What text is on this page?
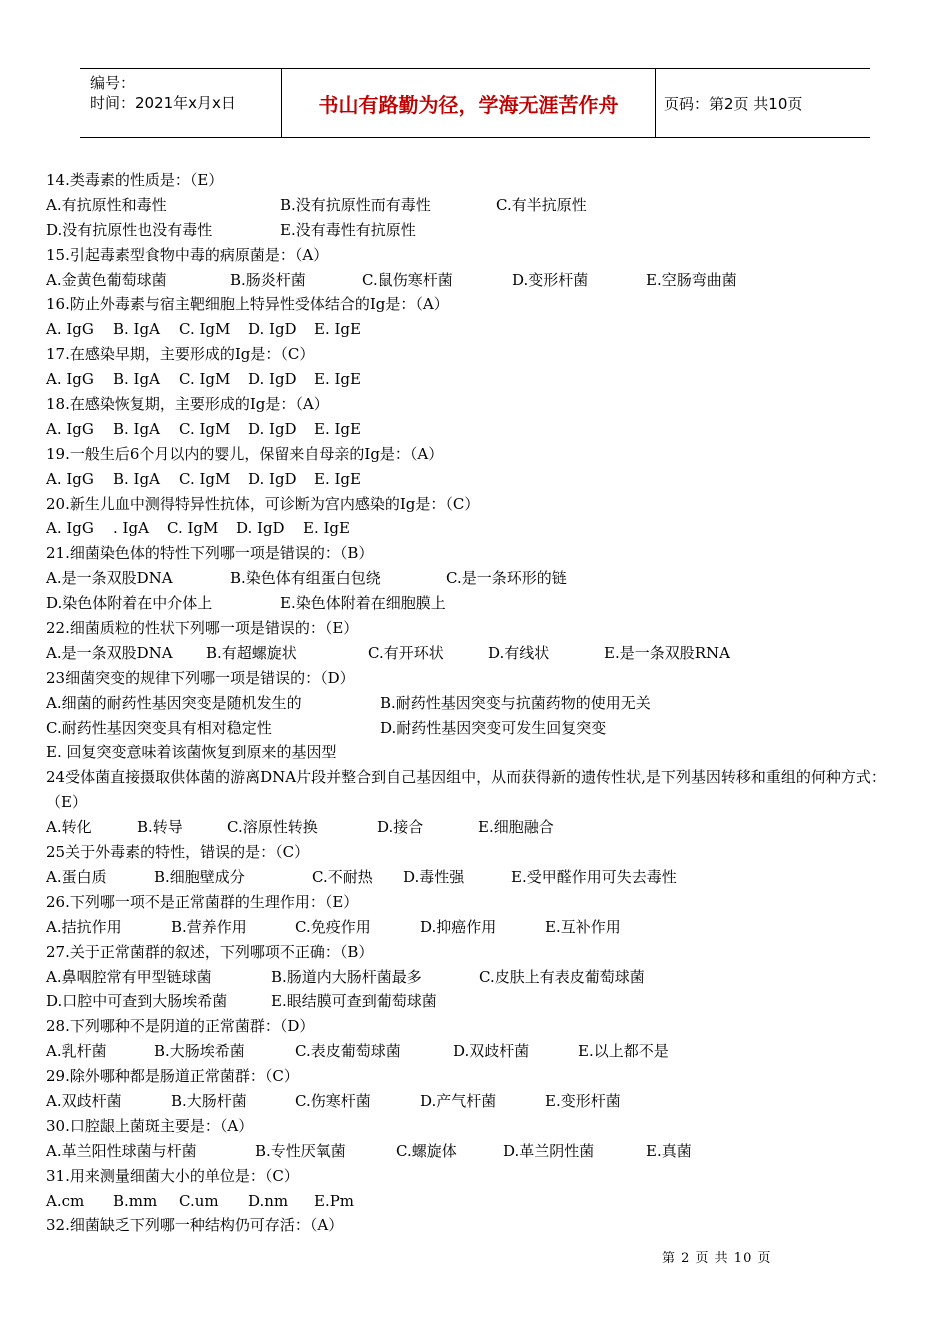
编号：
时间：2021年x月x日	书山有路勤为径，学海无涯苦作舟	页码：第2页 共10页
14.类毒素的性质是：（E）
A.有抗原性和毒性	B.没有抗原性而有毒性	C.有半抗原性
D.没有抗原性也没有毒性	E.没有毒性有抗原性
15.引起毒素型食物中毒的病原菌是：（A）
A.金黄色葡萄球菌	B.肠炎杆菌	C.鼠伤寒杆菌	D.变形杆菌	E.空肠弯曲菌
16.防止外毒素与宿主靶细胞上特异性受体结合的Ig是：（A）
A. IgG B. IgA C. IgM D. IgD E. IgE
17.在感染早期，主要形成的Ig是：（C）
A. IgG B. IgA C. IgM D. IgD E. IgE
18.在感染恢复期，主要形成的Ig是：（A）
A. IgG B. IgA C. IgM D. IgD E. IgE
19.一般生后6个月以内的婴儿，保留来自母亲的Ig是：（A）
A. IgG B. IgA C. IgM D. IgD E. IgE
20.新生儿血中测得特异性抗体，可诊断为宫内感染的Ig是：（C）
A. IgG . IgA C. IgM D. IgD E. IgE
21.细菌染色体的特性下列哪一项是错误的：（B）
A.是一条双股DNA	B.染色体有组蛋白包绕	C.是一条环形的链
D.染色体附着在中介体上	E.染色体附着在细胞膜上
22.细菌质粒的性状下列哪一项是错误的：（E）
A.是一条双股DNA B.有超螺旋状	C.有开环状	D.有线状	E.是一条双股RNA
23细菌突变的规律下列哪一项是错误的：（D）
A.细菌的耐药性基因突变是随机发生的	B.耐药性基因突变与抗菌药物的使用无关
C.耐药性基因突变具有相对稳定性	D.耐药性基因突变可发生回复突变
E. 回复突变意味着该菌恢复到原来的基因型
24受体菌直接摄取供体菌的游离DNA片段并整合到自己基因组中，从而获得新的遗传性状,是下列基因转移和重组的何种方式：（E）
A.转化	B.转导	C.溶原性转换	D.接合	E.细胞融合
25关于外毒素的特性，错误的是：（C）
A.蛋白质	B.细胞壁成分	C.不耐热 D.毒性强	E.受甲醛作用可失去毒性
26.下列哪一项不是正常菌群的生理作用：（E）
A.拮抗作用	B.营养作用	C.免疫作用	D.抑癌作用	E.互补作用
27.关于正常菌群的叙述，下列哪项不正确：（B）
A.鼻咽腔常有甲型链球菌	B.肠道内大肠杆菌最多	C.皮肤上有表皮葡萄球菌
D.口腔中可查到大肠埃希菌	E.眼结膜可查到葡萄球菌
28.下列哪种不是阴道的正常菌群：（D）
A.乳杆菌	B.大肠埃希菌	C.表皮葡萄球菌	D.双歧杆菌	E.以上都不是
29.除外哪种都是肠道正常菌群：（C）
A.双歧杆菌	B.大肠杆菌	C.伤寒杆菌	D.产气杆菌	E.变形杆菌
30.口腔龈上菌斑主要是：（A）
A.革兰阳性球菌与杆菌	B.专性厌氧菌	C.螺旋体	D.革兰阴性菌	E.真菌
31.用来测量细菌大小的单位是：（C）
A.cm B.mm C.um D.nm E.Pm
32.细菌缺乏下列哪一种结构仍可存活：（A）
第 2 页 共 10 页
